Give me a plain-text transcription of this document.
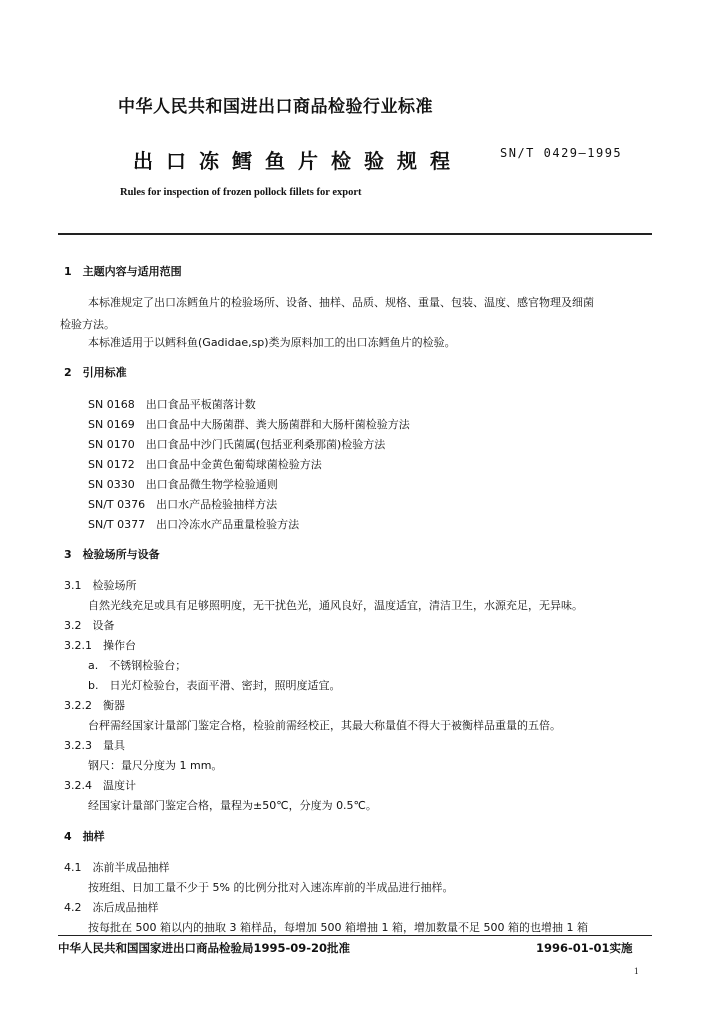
中华人民共和国进出口商品检验行业标准
出口冻鳕鱼片检验规程	SN/T 0429—1995
Rules for inspection of frozen pollock fillets for export
1　主题内容与适用范围
本标准规定了出口冻鳕鱼片的检验场所、设备、抽样、品质、规格、重量、包装、温度、感官物理及细菌
检验方法。
本标准适用于以鳕科鱼(Gadidae,sp)类为原料加工的出口冻鳕鱼片的检验。
2　引用标准
SN 0168　出口食品平板菌落计数
SN 0169　出口食品中大肠菌群、粪大肠菌群和大肠杆菌检验方法
SN 0170　出口食品中沙门氏菌属(包括亚利桑那菌)检验方法
SN 0172　出口食品中金黄色葡萄球菌检验方法
SN 0330　出口食品微生物学检验通则
SN/T 0376　出口水产品检验抽样方法
SN/T 0377　出口冷冻水产品重量检验方法
3　检验场所与设备
3.1　检验场所
自然光线充足或具有足够照明度，无干扰色光，通风良好，温度适宜，清洁卫生，水源充足，无异味。
3.2　设备
3.2.1　操作台
a.　不锈钢检验台；
b.　日光灯检验台，表面平滑、密封，照明度适宜。
3.2.2　衡器
台秤需经国家计量部门鉴定合格，检验前需经校正，其最大称量值不得大于被衡样品重量的五倍。
3.2.3　量具
钢尺：量尺分度为 1 mm。
3.2.4　温度计
经国家计量部门鉴定合格，量程为±50℃，分度为 0.5℃。
4　抽样
4.1　冻前半成品抽样
按班组、日加工量不少于 5% 的比例分批对入速冻库前的半成品进行抽样。
4.2　冻后成品抽样
按每批在 500 箱以内的抽取 3 箱样品，每增加 500 箱增抽 1 箱，增加数量不足 500 箱的也增抽 1 箱
中华人民共和国国家进出口商品检验局1995-09-20批准	1996-01-01实施
1
